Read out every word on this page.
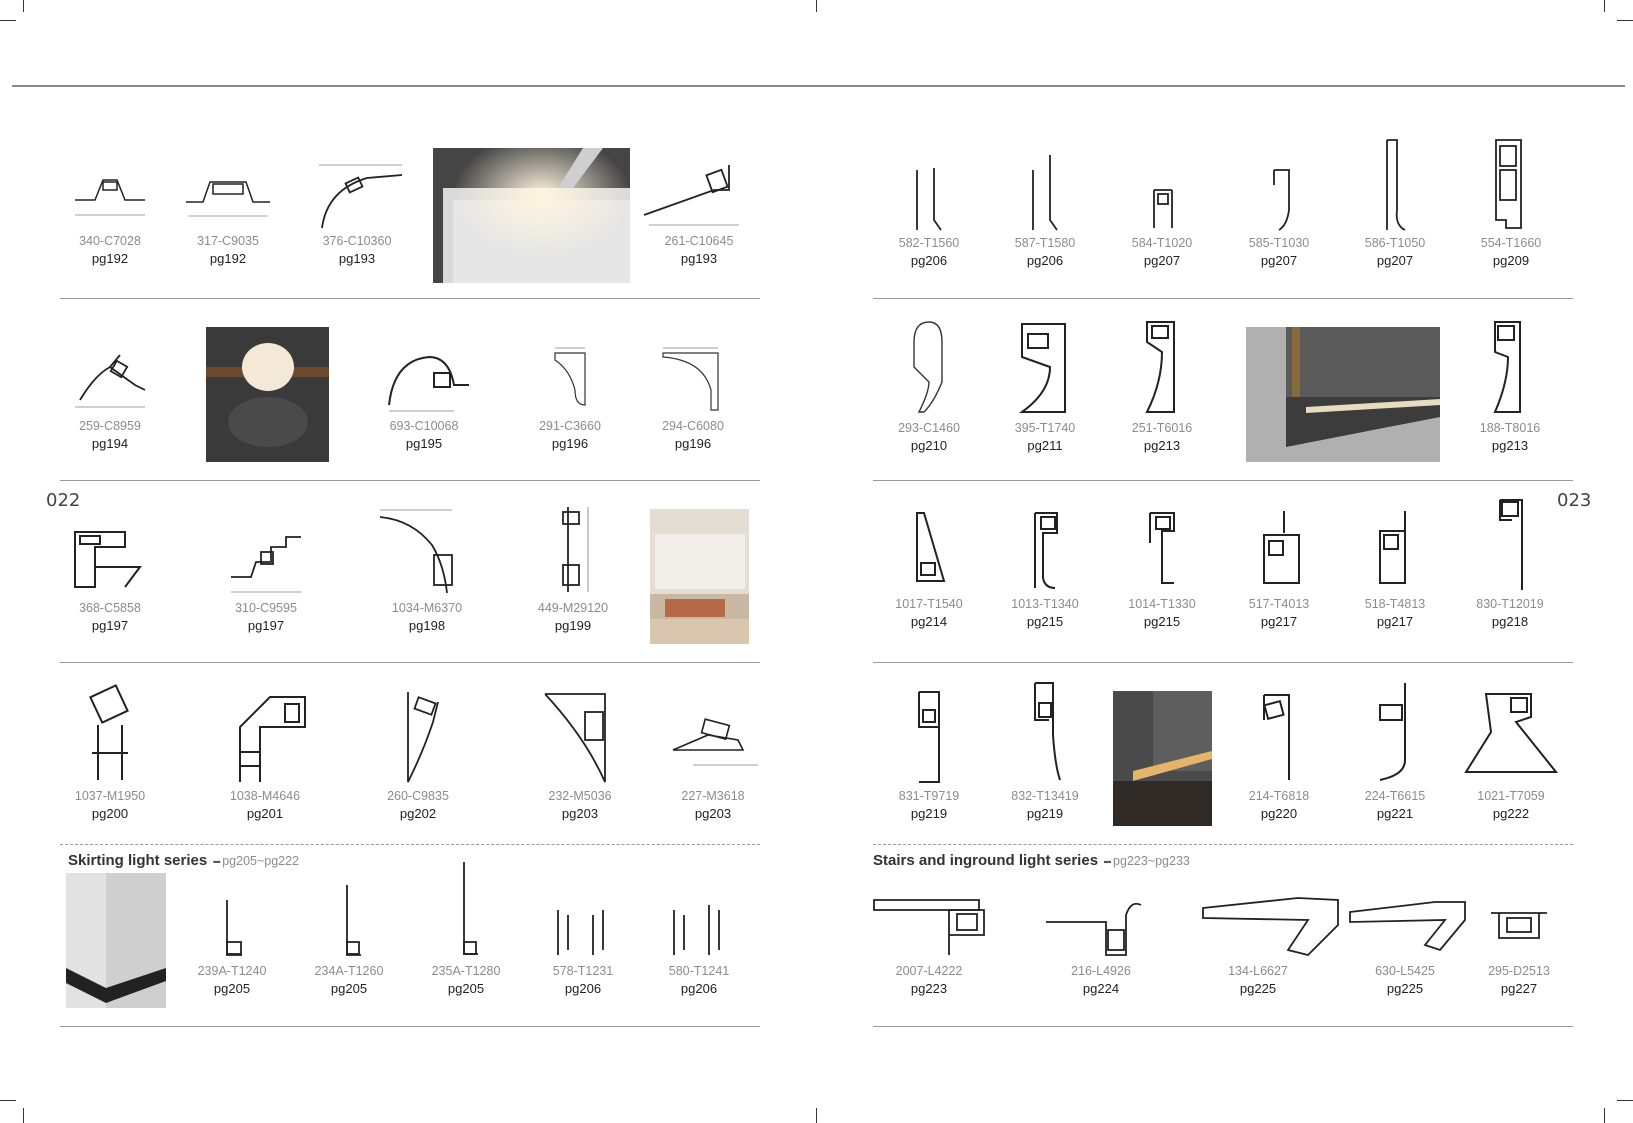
022	023
Skirting light series ▬ pg205~pg222	Stairs and inground light series ▬ pg223~pg233
340-C7028
pg192
317-C9035
pg192
376-C10360
pg193
261-C10645
pg193
259-C8959
pg194
693-C10068
pg195
291-C3660
pg196
294-C6080
pg196
368-C5858
pg197
310-C9595
pg197
1034-M6370
pg198
449-M29120
pg199
1037-M1950
pg200
1038-M4646
pg201
260-C9835
pg202
232-M5036
pg203
227-M3618
pg203
239A-T1240
pg205
234A-T1260
pg205
235A-T1280
pg205
578-T1231
pg206
580-T1241
pg206
582-T1560
pg206
587-T1580
pg206
584-T1020
pg207
585-T1030
pg207
586-T1050
pg207
554-T1660
pg209
293-C1460
pg210
395-T1740
pg211
251-T6016
pg213
188-T8016
pg213
1017-T1540
pg214
1013-T1340
pg215
1014-T1330
pg215
517-T4013
pg217
518-T4813
pg217
830-T12019
pg218
831-T9719
pg219
832-T13419
pg219
214-T6818
pg220
224-T6615
pg221
1021-T7059
pg222
2007-L4222
pg223
216-L4926
pg224
134-L6627
pg225
630-L5425
pg225
295-D2513
pg227
